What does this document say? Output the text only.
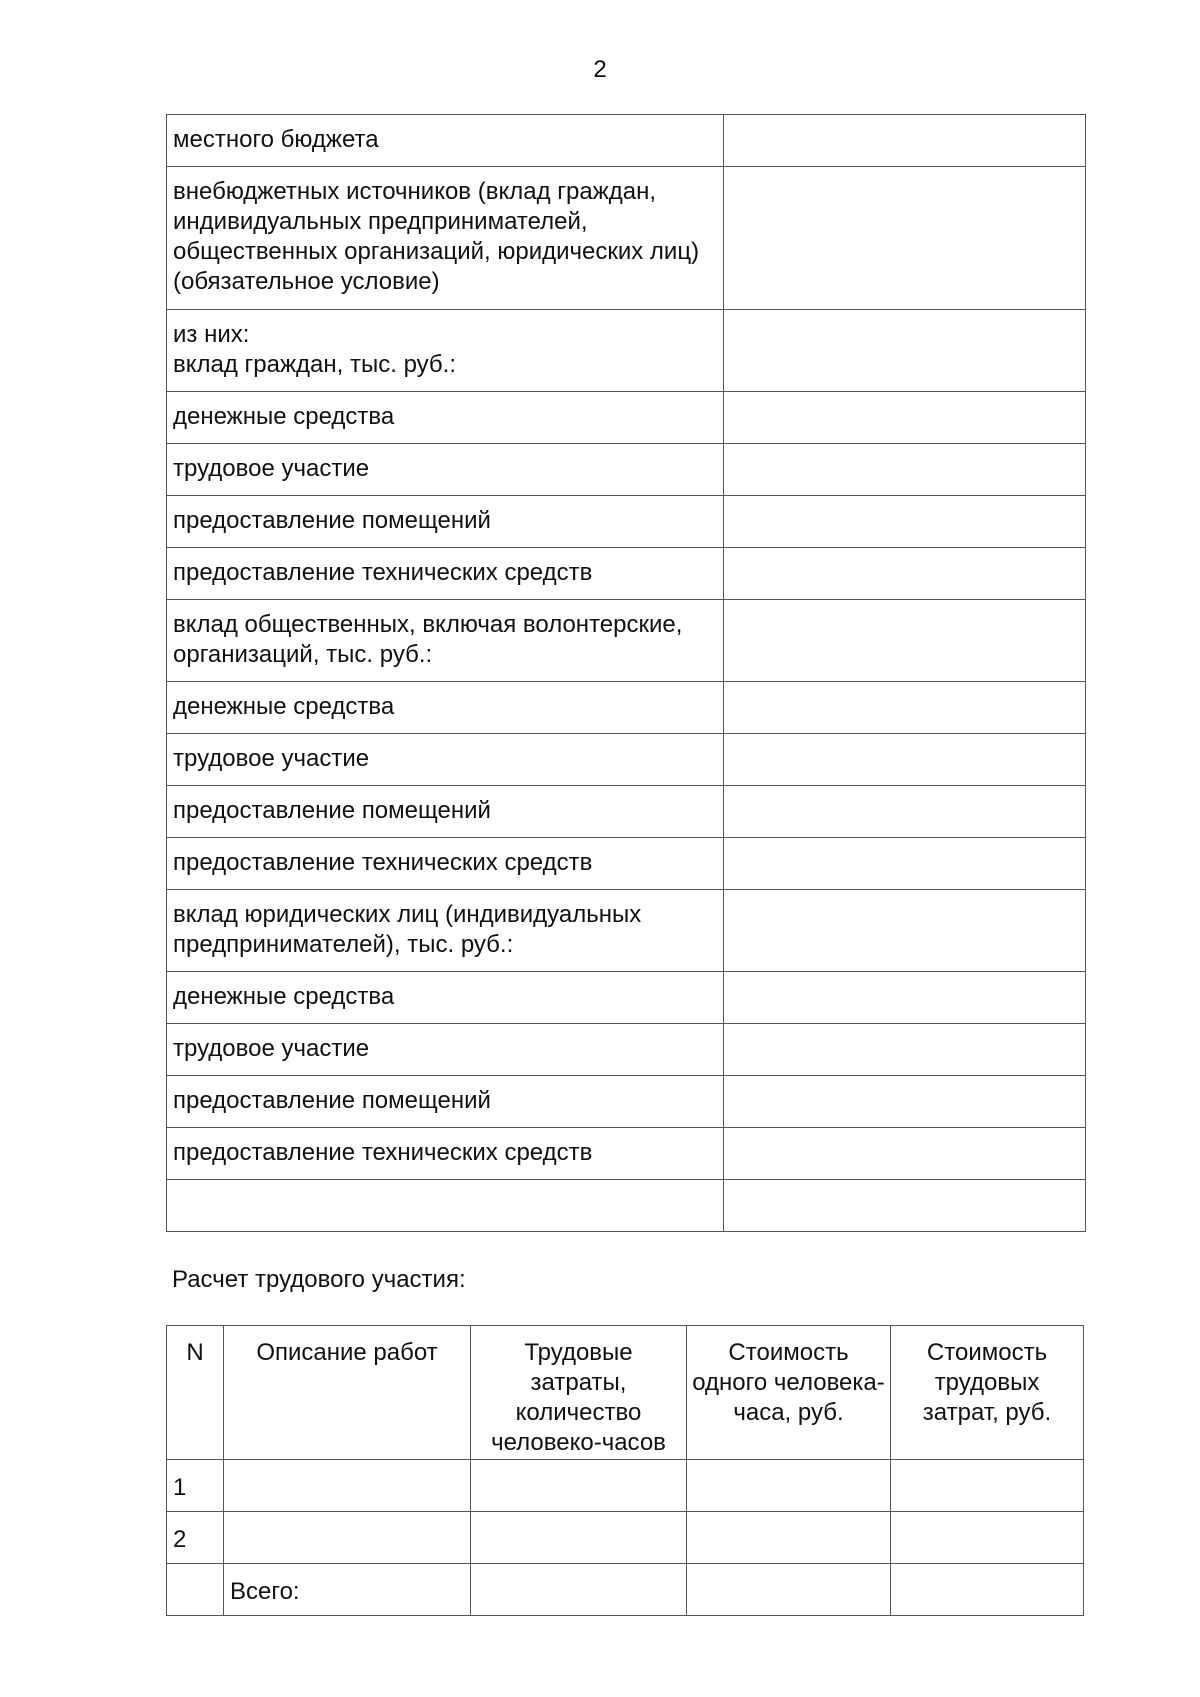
2
местного бюджета	
внебюджетных источников (вклад граждан, индивидуальных предпринимателей, общественных организаций, юридических лиц) (обязательное условие)	
из них:
вклад граждан, тыс. руб.:	
денежные средства	
трудовое участие	
предоставление помещений	
предоставление технических средств	
вклад общественных, включая волонтерские, организаций, тыс. руб.:	
денежные средства	
трудовое участие	
предоставление помещений	
предоставление технических средств	
вклад юридических лиц (индивидуальных предпринимателей), тыс. руб.:	
денежные средства	
трудовое участие	
предоставление помещений	
предоставление технических средств	

Расчет трудового участия:
N	Описание работ	Трудовые затраты, количество человеко-часов	Стоимость одного человека-часа, руб.	Стоимость трудовых затрат, руб.
1				
2				
	Всего:			
